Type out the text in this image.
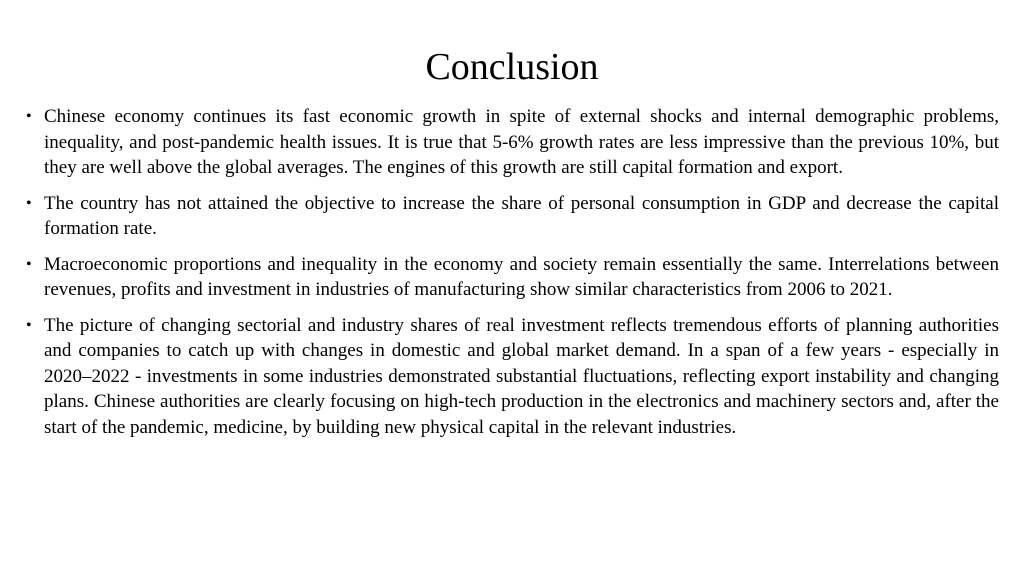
Conclusion
• Chinese economy continues its fast economic growth in spite of external shocks and internal demographic problems, inequality, and post-pandemic health issues. It is true that 5-6% growth rates are less impressive than the previous 10%, but they are well above the global averages. The engines of this growth are still capital formation and export.
• The country has not attained the objective to increase the share of personal consumption in GDP and decrease the capital formation rate.
• Macroeconomic proportions and inequality in the economy and society remain essentially the same. Interrelations between revenues, profits and investment in industries of manufacturing show similar characteristics from 2006 to 2021.
• The picture of changing sectorial and industry shares of real investment reflects tremendous efforts of planning authorities and companies to catch up with changes in domestic and global market demand. In a span of a few years - especially in 2020–2022 - investments in some industries demonstrated substantial fluctuations, reflecting export instability and changing plans. Chinese authorities are clearly focusing on high-tech production in the electronics and machinery sectors and, after the start of the pandemic, medicine, by building new physical capital in the relevant industries.
